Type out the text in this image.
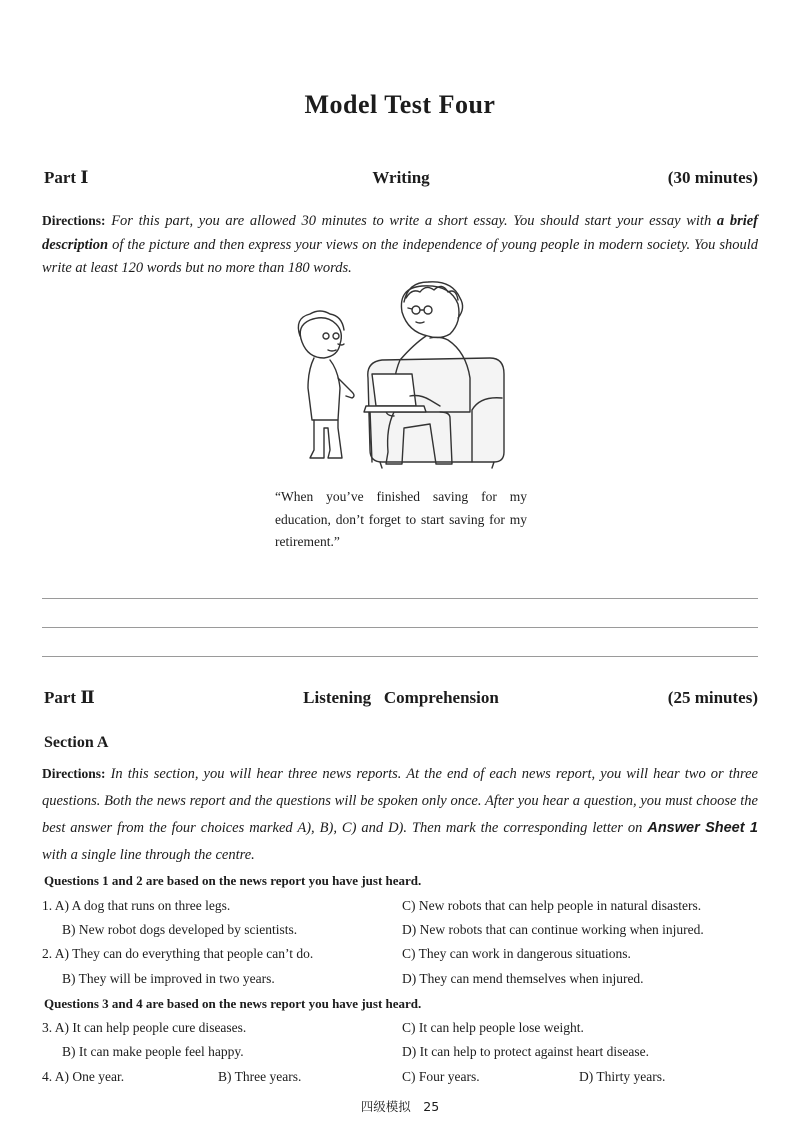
Model Test Four
Part Ⅰ	Writing	(30 minutes)
Directions: For this part, you are allowed 30 minutes to write a short essay. You should start your essay with a brief description of the picture and then express your views on the independence of young people in modern society. You should write at least 120 words but no more than 180 words.
“When you’ve finished saving for my education, don’t forget to start saving for my retirement.”
Part Ⅱ	Listening   Comprehension	(25 minutes)
Section A
Directions: In this section, you will hear three news reports. At the end of each news report, you will hear two or three questions. Both the news report and the questions will be spoken only once. After you hear a question, you must choose the best answer from the four choices marked A), B), C) and D). Then mark the corresponding letter on Answer Sheet 1 with a single line through the centre.
Questions 1 and 2 are based on the news report you have just heard.
1. A) A dog that runs on three legs.	C) New robots that can help people in natural disasters.
B) New robot dogs developed by scientists.	D) New robots that can continue working when injured.
2. A) They can do everything that people can’t do.	C) They can work in dangerous situations.
B) They will be improved in two years.	D) They can mend themselves when injured.
Questions 3 and 4 are based on the news report you have just heard.
3. A) It can help people cure diseases.	C) It can help people lose weight.
B) It can make people feel happy.	D) It can help to protect against heart disease.
4. A) One year.	B) Three years.	C) Four years.	D) Thirty years.
四级模拟　25
